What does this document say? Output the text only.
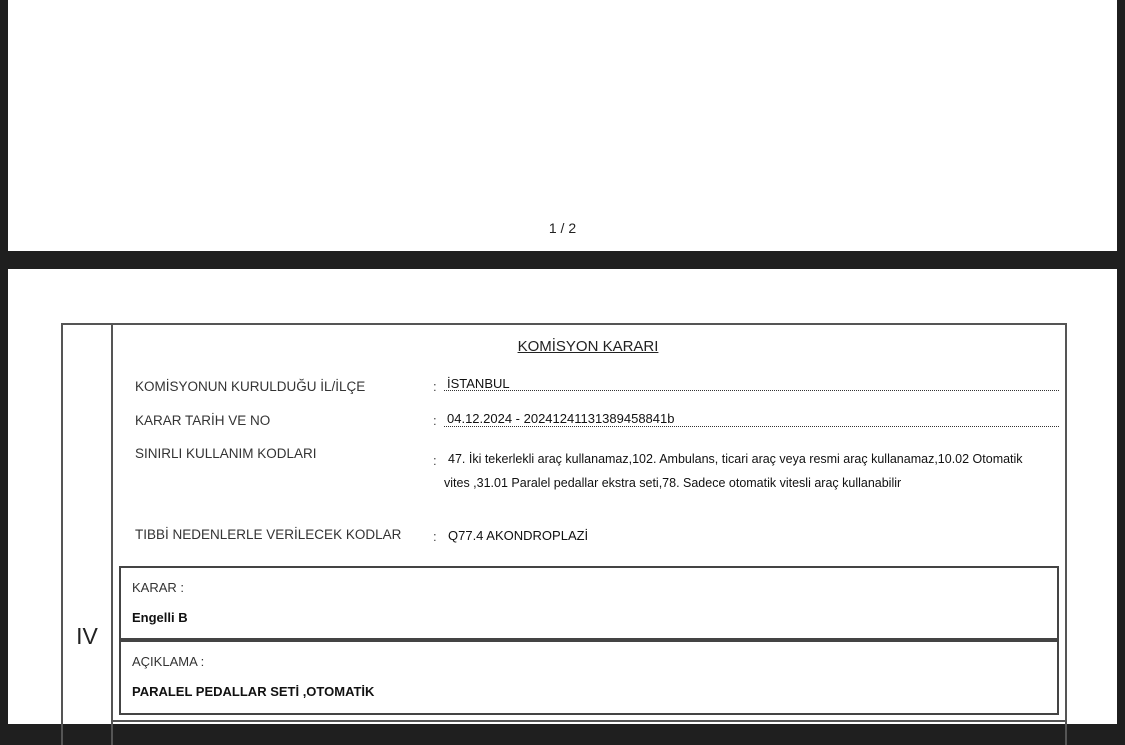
1 / 2
IV
KOMİSYON KARARI
KOMİSYONUN KURULDUĞU İL/İLÇE	: İSTANBUL
KARAR TARİH VE NO	: 04.12.2024 - 20241241131389458841b
SINIRLI KULLANIM KODLARI	: 47. İki tekerlekli araç kullanamaz,102. Ambulans, ticari araç veya resmi araç kullanamaz,10.02 Otomatik vites ,31.01 Paralel pedallar ekstra seti,78. Sadece otomatik vitesli araç kullanabilir

TIBBİ NEDENLERLE VERİLECEK KODLAR : Q77.4 AKONDROPLAZİ
KARAR :
Engelli B
AÇIKLAMA :
PARALEL PEDALLAR SETİ ,OTOMATİK
